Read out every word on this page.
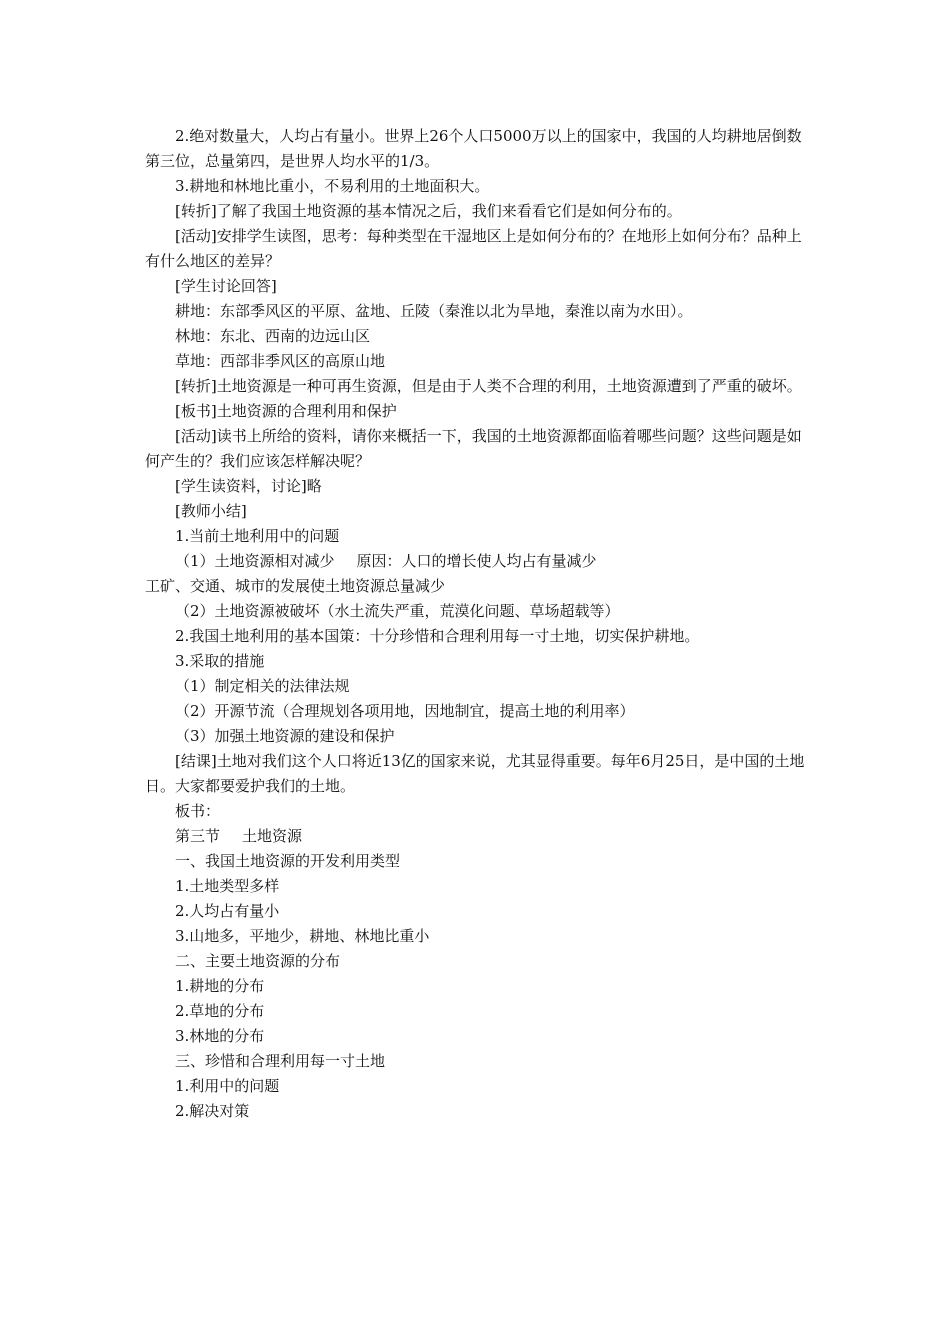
2.绝对数量大，人均占有量小。世界上26个人口5000万以上的国家中，我国的人均耕地居倒数第三位，总量第四，是世界人均水平的1/3。

3.耕地和林地比重小，不易利用的土地面积大。

[转折]了解了我国土地资源的基本情况之后，我们来看看它们是如何分布的。

[活动]安排学生读图，思考：每种类型在干湿地区上是如何分布的？在地形上如何分布？品种上有什么地区的差异？

[学生讨论回答]

耕地：东部季风区的平原、盆地、丘陵（秦淮以北为旱地，秦淮以南为水田）。

林地：东北、西南的边远山区

草地：西部非季风区的高原山地

[转折]土地资源是一种可再生资源，但是由于人类不合理的利用，土地资源遭到了严重的破坏。

[板书]土地资源的合理利用和保护

[活动]读书上所给的资料，请你来概括一下，我国的土地资源都面临着哪些问题？这些问题是如何产生的？我们应该怎样解决呢？

[学生读资料，讨论]略

[教师小结]

1.当前土地利用中的问题

（1）土地资源相对减少 原因：人口的增长使人均占有量减少

工矿、交通、城市的发展使土地资源总量减少

（2）土地资源被破坏（水土流失严重，荒漠化问题、草场超载等）

2.我国土地利用的基本国策：十分珍惜和合理利用每一寸土地，切实保护耕地。

3.采取的措施

（1）制定相关的法律法规

（2）开源节流（合理规划各项用地，因地制宜，提高土地的利用率）

（3）加强土地资源的建设和保护

[结课]土地对我们这个人口将近13亿的国家来说，尤其显得重要。每年6月25日，是中国的土地日。大家都要爱护我们的土地。

板书：

第三节 土地资源

一、我国土地资源的开发利用类型

1.土地类型多样

2.人均占有量小

3.山地多，平地少，耕地、林地比重小

二、主要土地资源的分布

1.耕地的分布

2.草地的分布

3.林地的分布

三、珍惜和合理利用每一寸土地

1.利用中的问题

2.解决对策
